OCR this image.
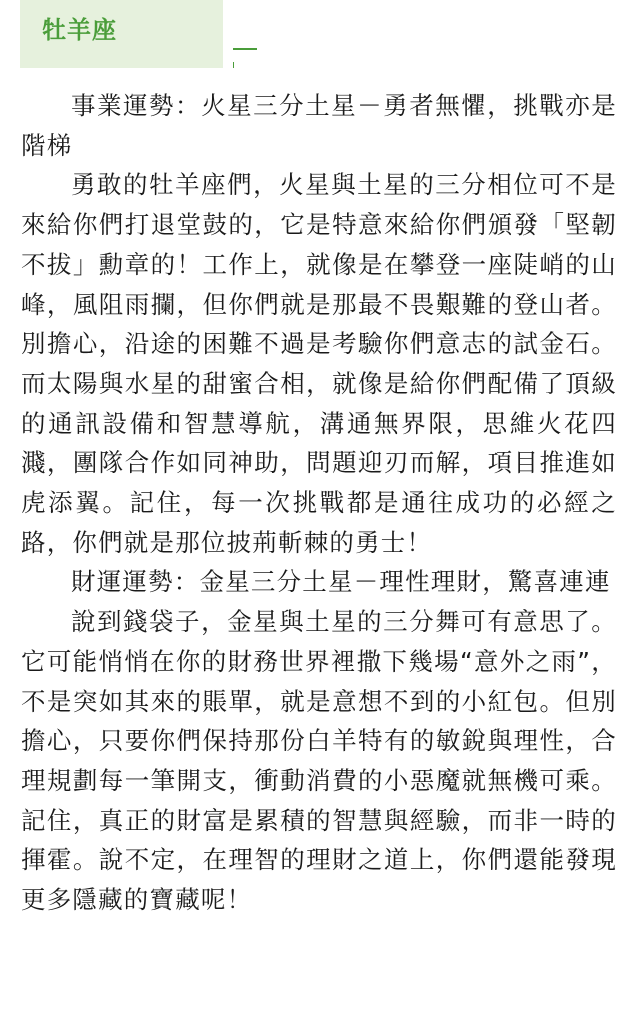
牡羊座

事業運勢：火星三分土星－勇者無懼，挑戰亦是階梯

勇敢的牡羊座們，火星與土星的三分相位可不是來給你們打退堂鼓的，它是特意來給你們頒發「堅韌不拔」勳章的！工作上，就像是在攀登一座陡峭的山峰，風阻雨攔，但你們就是那最不畏艱難的登山者。別擔心，沿途的困難不過是考驗你們意志的試金石。而太陽與水星的甜蜜合相，就像是給你們配備了頂級的通訊設備和智慧導航，溝通無界限，思維火花四濺，團隊合作如同神助，問題迎刃而解，項目推進如虎添翼。記住，每一次挑戰都是通往成功的必經之路，你們就是那位披荊斬棘的勇士！

財運運勢：金星三分土星－理性理財，驚喜連連

說到錢袋子，金星與土星的三分舞可有意思了。它可能悄悄在你的財務世界裡撒下幾場“意外之雨”，不是突如其來的賬單，就是意想不到的小紅包。但別擔心，只要你們保持那份白羊特有的敏銳與理性，合理規劃每一筆開支，衝動消費的小惡魔就無機可乘。記住，真正的財富是累積的智慧與經驗，而非一時的揮霍。說不定，在理智的理財之道上，你們還能發現更多隱藏的寶藏呢！
